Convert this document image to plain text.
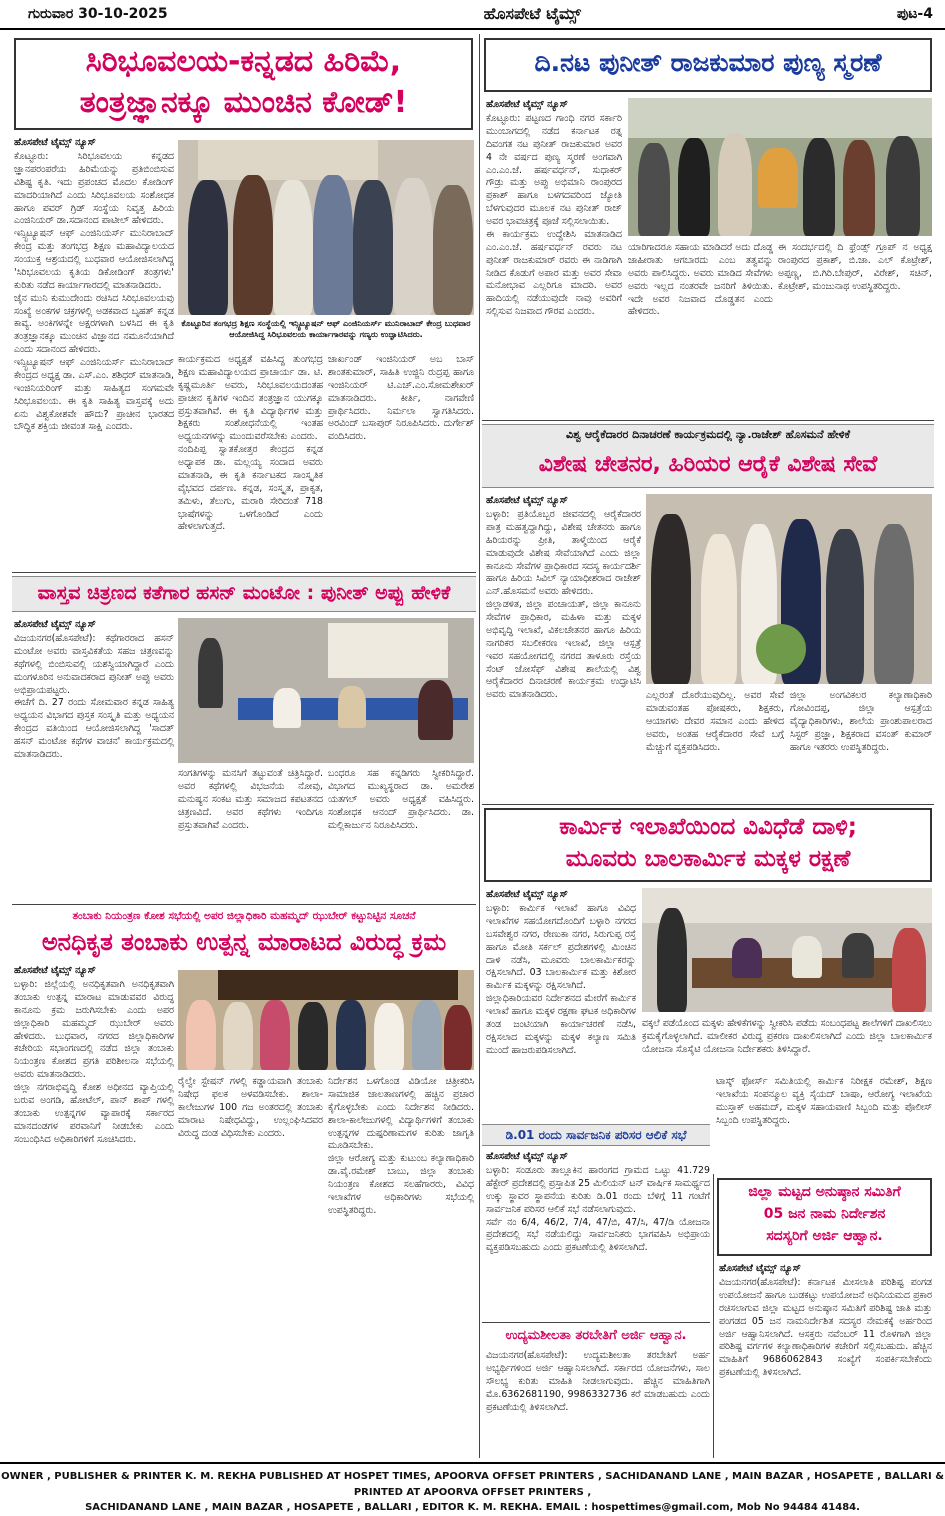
ಗುರುವಾರ 30-10-2025	ಹೊಸಪೇಟೆ ಟೈಮ್ಸ್	ಪುಟ-4
ಸಿರಿಭೂವಲಯ-ಕನ್ನಡದ ಹಿರಿಮೆ,
ತಂತ್ರಜ್ಞಾನಕ್ಕೂ ಮುಂಚಿನ ಕೋಡ್!
ಹೊಸಪೇಟೆ ಟೈಮ್ಸ್ ನ್ಯೂಸ್

ಕೊಟ್ಟೂರು: ಸಿರಿಭೂವಲಯ ಕನ್ನಡದ ಜ್ಞಾನಪರಂಪರೆಯ ಹಿರಿಮೆಯನ್ನು ಪ್ರತಿಬಿಂಬಿಸುವ ವಿಶಿಷ್ಟ ಕೃತಿ. ಇದು ಪ್ರಪಂಚದ ಮೊದಲ ಕೋಡಿಂಗ್ ಮಾದರಿಯಾಗಿದೆ ಎಂದು ಸಿರಿಭೂವಲಯ ಸಂಶೋಧಕ ಹಾಗೂ ಪವರ್ ಗ್ರಿಡ್ ಸಂಸ್ಥೆಯ ನಿವೃತ್ತ ಹಿರಿಯ ಎಂಜಿನಿಯರ್ ಡಾ.ಸದಾನಂದ ಪಾಟೀಲ್ ಹೇಳಿದರು.

ಇನ್ಸ್ಟಿಟ್ಯೂಷನ್ ಆಫ್ ಎಂಜಿನಿಯರ್ಸ್ ಮುನಿರಾಬಾದ್ ಕೇಂದ್ರ ಮತ್ತು ತಂಗಭದ್ರ ಶಿಕ್ಷಣ ಮಹಾವಿದ್ಯಾಲಯದ ಸಂಯುಕ್ತ ಆಶ್ರಯದಲ್ಲಿ ಬುಧವಾರ ಆಯೋಜಿಸಲಾಗಿದ್ದ 'ಸಿರಿಭೂವಲಯ ಕೃತಿಯ ಡಿಕೋಡಿಂಗ್ ತಂತ್ರಗಳು' ಕುರಿತು ನಡೆದ ಕಾರ್ಯಾಗಾರದಲ್ಲಿ ಮಾತನಾಡಿದರು.

ಜೈನ ಮುನಿ ಕುಮುದೇಂದು ರಚಿಸಿದ ಸಿರಿಭೂವಲಯವು ಸಂಖ್ಯೆ ಅಂಕಗಳ ಚಕ್ರಗಳಲ್ಲಿ ಅಡಕವಾದ ಬೃಹತ್ ಕನ್ನಡ ಕಾವ್ಯ. ಅಂಕಿಗಳನ್ನೇ ಅಕ್ಷರಗಳಾಗಿ ಬಳಸಿದ ಈ ಕೃತಿ ತಂತ್ರಜ್ಞಾನಕ್ಕೂ ಮುಂಚಿನ ವಿಜ್ಞಾನದ ನಮೂನೆಯಾಗಿದೆ ಎಂದು ಸದಾನಂದ ಹೇಳಿದರು.

ಇನ್ಸ್ಟಿಟ್ಯೂಷನ್ ಆಫ್ ಎಂಜಿನಿಯರ್ಸ್ ಮುನಿರಾಬಾದ್ ಕೇಂದ್ರದ ಅಧ್ಯಕ್ಷ ಡಾ. ಎಸ್.ಎಂ. ಶಶಿಧರ್ ಮಾತನಾಡಿ, ಇಂಜಿನಿಯರಿಂಗ್ ಮತ್ತು ಸಾಹಿತ್ಯದ ಸಂಗಮವೇ ಸಿರಿಭೂವಲಯ. ಈ ಕೃತಿ ಸಾಹಿತ್ಯ ವಾಸ್ತವಕ್ಕೆ ಅದು ಏನು ವಿಶ್ವಕೋಶವೇ ಹೌದು? ಪ್ರಾಚೀನ ಭಾರತದ ಬೌದ್ಧಿಕ ಶಕ್ತಿಯ ಜೀವಂತ ಸಾಕ್ಷಿ ಎಂದರು.

ಕೊಟ್ಟೂರಿನ ತಂಗಭದ್ರ ಶಿಕ್ಷಣ ಸಂಸ್ಥೆಯಲ್ಲಿ ಇನ್ಸ್ಟಿಟ್ಯೂಷನ್ ಆಫ್ ಎಂಜಿನಿಯರ್ಸ್ ಮುನಿರಾಬಾದ್ ಕೇಂದ್ರ ಬುಧವಾರ ಆಯೋಜಿಸಿದ್ದ ಸಿರಿಭೂವಲಯ ಕಾರ್ಯಾಗಾರವನ್ನು ಗಣ್ಯರು ಉದ್ಘಾಟಿಸಿದರು.

ಕಾರ್ಯಕ್ರಮದ ಅಧ್ಯಕ್ಷತೆ ವಹಿಸಿದ್ದ ತುಂಗಭದ್ರ ಶಿಕ್ಷಣ ಮಹಾವಿದ್ಯಾಲಯದ ಪ್ರಾಚಾರ್ಯ ಡಾ. ಟಿ. ಕೃಷ್ಣಮೂರ್ತಿ ಅವರು, ಸಿರಿಭೂವಲಯದಂತಹ ಪ್ರಾಚೀನ ಕೃತಿಗಳ ಇಂದಿನ ತಂತ್ರಜ್ಞಾನ ಯುಗಕ್ಕೂ ಪ್ರಸ್ತುತವಾಗಿವೆ. ಈ ಕೃತಿ ವಿದ್ಯಾರ್ಥಿಗಳ ಮತ್ತು ಶಿಕ್ಷಕರು ಸಂಶೋಧನೆಯಲ್ಲಿ ಇಂತಹ ಅಧ್ಯಯನಗಳನ್ನು ಮುಂದುವರೆಸಬೇಕು ಎಂದರು.

ನಂದಿಪಿಪ್ಪ ಸ್ವಾತಕೋತ್ತರ ಕೇಂದ್ರದ ಕನ್ನಡ ಅಧ್ಯಾಪಕ ಡಾ. ಮಲ್ಲಯ್ಯ ಸಂದಾದ ಅವರು ಮಾತನಾಡಿ, ಈ ಕೃತಿ ಕರ್ನಾಟಕದ ಸಾಂಸ್ಕೃತಿಕ ವೈಭವದ ದರ್ಪಣ. ಕನ್ನಡ, ಸಂಸ್ಕೃತ, ಪ್ರಾಕೃತ, ತಮಿಳು, ತೆಲುಗು, ಮರಾಠಿ ಸೇರಿದಂತೆ 718 ಭಾಷೆಗಳನ್ನು ಒಳಗೊಂಡಿದೆ ಎಂದು ಹೇಳಲಾಗುತ್ತದೆ.

ಜಾರ್ಖಂಡ್ ಇಂಜಿನಿಯರ್ ಅಬ ಬಾಸ್ ಶಾಂತಕುಮಾರ್, ಸಾಹಿತಿ ಉಜ್ಜಿನಿ ರುದ್ರಪ್ಪ ಹಾಗೂ ಇಂಜಿನಿಯರ್ ಟಿ.ಎಚ್.ಎಂ.ಸೋಮಶೇಖರ್ ಮಾತನಾಡಿದರು. ಕೀರ್ತಿ, ನಾಗವೇಣಿ ಪ್ರಾರ್ಥಿಸಿದರು. ನಿರ್ಮಲಾ ಸ್ವಾಗತಿಸಿದರು. ಅರವಿಂದ್ ಬಸಾಪುರ್ ನಿರೂಪಿಸಿದರು. ದುರ್ಗೇಶ್ ವಂದಿಸಿದರು.

ವಾಸ್ತವ ಚಿತ್ರಣದ ಕತೆಗಾರ ಹಸನ್ ಮಂಟೋ : ಪುನೀತ್ ಅಪ್ಪು ಹೇಳಿಕೆ
ಹೊಸಪೇಟೆ ಟೈಮ್ಸ್ ನ್ಯೂಸ್

ವಿಜಯನಗರ(ಹೊಸಪೇಟೆ): ಕಥೆಗಾರರಾದ ಹಸನ್ ಮಂಟೋ ಅವರು ವಾಸ್ತವಿಕತೆಯ ಸಹಜ ಚಿತ್ರಣವನ್ನು ಕಥೆಗಳಲ್ಲಿ ಬಿಂಬಿಸುವಲ್ಲಿ ಯಶಸ್ವಿಯಾಗಿದ್ದಾರೆ ಎಂದು ಮಂಗಳೂರಿನ ಅನುವಾದಕರಾದ ಪುನೀತ್ ಅಪ್ಪು ಅವರು ಅಭಿಪ್ರಾಯಪಟ್ಟರು.

ಈಚೆಗೆ ದಿ. 27 ರಂದು ಸೋಮವಾರ ಕನ್ನಡ ಸಾಹಿತ್ಯ ಅಧ್ಯಯನ ವಿಭಾಗದ ಪುಸ್ತಕ ಸಂಸ್ಕೃತಿ ಮತ್ತು ಅಧ್ಯಯನ ಕೇಂದ್ರದ ವತಿಯಿಂದ ಆಯೋಜಿಸಲಾಗಿದ್ದ 'ಸಾದತ್ ಹಸನ್ ಮಂಟೋ ಕಥೆಗಳ ವಾಚನ' ಕಾರ್ಯಕ್ರಮದಲ್ಲಿ ಮಾತನಾಡಿದರು.

ಸಂಗತಿಗಳನ್ನು ಮನಸಿಗೆ ತಟ್ಟುವಂತೆ ಚಿತ್ರಿಸಿದ್ದಾರೆ. ಅವರ ಕಥೆಗಳಲ್ಲಿ ವಿಭಜನೆಯ ನೋವು, ಮನುಷ್ಯನ ಸಂಕಟ ಮತ್ತು ಸಮಾಜದ ಕಪಟತನದ ಚಿತ್ರಣವಿದೆ. ಅವರ ಕಥೆಗಳು ಇಂದಿಗೂ ಪ್ರಸ್ತುತವಾಗಿವೆ ಎಂದರು.

ಬಂಧರೂ ಸಹ ಕನ್ನಡಿಗರು ಸ್ವೀಕರಿಸಿದ್ದಾರೆ. ವಿಭಾಗದ ಮುಖ್ಯಸ್ಥರಾದ ಡಾ. ಅಮರೇಶ ಯತಗಲ್ ಅವರು ಅಧ್ಯಕ್ಷತೆ ವಹಿಸಿದ್ದರು. ಸಂಶೋಧಕ ಆನಂದ್ ಪ್ರಾರ್ಥಿಸಿದರು. ಡಾ. ಮಲ್ಲಿಕಾರ್ಜುನ ನಿರೂಪಿಸಿದರು.

ತಂಬಾಕು ನಿಯಂತ್ರಣ ಕೋಶ ಸಭೆಯಲ್ಲಿ ಅಪರ ಜಿಲ್ಲಾಧಿಕಾರಿ ಮಹಮ್ಮದ್ ಝುಬೇರ್ ಕಟ್ಟುನಿಟ್ಟಿನ ಸೂಚನೆ
ಅನಧಿಕೃತ ತಂಬಾಕು ಉತ್ಪನ್ನ ಮಾರಾಟದ ವಿರುದ್ಧ ಕ್ರಮ
ಹೊಸಪೇಟೆ ಟೈಮ್ಸ್ ನ್ಯೂಸ್

ಬಳ್ಳಾರಿ: ಜಿಲ್ಲೆಯಲ್ಲಿ ಅನಧಿಕೃತವಾಗಿ ಅನಧಿಕೃತವಾಗಿ ತಂಬಾಕು ಉತ್ಪನ್ನ ಮಾರಾಟ ಮಾಡುವವರ ವಿರುದ್ಧ ಕಾನೂನು ಕ್ರಮ ಜರುಗಿಸಬೇಕು ಎಂದು ಅಪರ ಜಿಲ್ಲಾಧಿಕಾರಿ ಮಹಮ್ಮದ್ ಝುಬೇರ್ ಅವರು ಹೇಳಿದರು. ಬುಧವಾರ, ನಗರದ ಜಿಲ್ಲಾಧಿಕಾರಿಗಳ ಕಚೇರಿಯ ಸಭಾಂಗಣದಲ್ಲಿ ನಡೆದ ಜಿಲ್ಲಾ ತಂಬಾಕು ನಿಯಂತ್ರಣ ಕೋಶದ ಪ್ರಗತಿ ಪರಿಶೀಲನಾ ಸಭೆಯಲ್ಲಿ ಅವರು ಮಾತನಾಡಿದರು.

ಜಿಲ್ಲಾ ನಗರಾಭಿವೃದ್ಧಿ ಕೋಶ ಅಧೀನದ ವ್ಯಾಪ್ತಿಯಲ್ಲಿ ಬರುವ ಅಂಗಡಿ, ಹೋಟೆಲ್, ಪಾನ್ ಶಾಪ್ ಗಳಲ್ಲಿ ತಂಬಾಕು ಉತ್ಪನ್ನಗಳ ವ್ಯಾಪಾರಕ್ಕೆ ಸರ್ಕಾರದ ಮಾನದಂಡಗಳ ಪರವಾನಿಗೆ ನೀಡಬೇಕು ಎಂದು ಸಂಬಂಧಿಸಿದ ಅಧಿಕಾರಿಗಳಿಗೆ ಸೂಚಿಸಿದರು.

ರೈಲ್ವೇ ಸ್ಟೇಷನ್ ಗಳಲ್ಲಿ ಕಡ್ಡಾಯವಾಗಿ ತಂಬಾಕು ನಿಷೇಧ ಫಲಕ ಅಳವಡಿಸಬೇಕು. ಶಾಲಾ-ಕಾಲೇಜುಗಳ 100 ಗಜ ಅಂತರದಲ್ಲಿ ತಂಬಾಕು ಮಾರಾಟ ನಿಷೇಧವಿದ್ದು, ಉಲ್ಲಂಘಿಸಿದವರ ವಿರುದ್ಧ ದಂಡ ವಿಧಿಸಬೇಕು ಎಂದರು.

ನಿರ್ದೇಶನ ಒಳಗೊಂಡ ವಿಡಿಯೋ ಚಿತ್ರೀಕರಿಸಿ ಸಾಮಾಜಿಕ ಜಾಲತಾಣಗಳಲ್ಲಿ ಹಚ್ಚಿನ ಪ್ರಚಾರ ಕೈಗೊಳ್ಳಬೇಕು ಎಂದು ನಿರ್ದೇಶನ ನೀಡಿದರು. ಶಾಲಾ-ಕಾಲೇಜುಗಳಲ್ಲಿ ವಿದ್ಯಾರ್ಥಿಗಳಿಗೆ ತಂಬಾಕು ಉತ್ಪನ್ನಗಳ ದುಷ್ಪರಿಣಾಮಗಳ ಕುರಿತು ಜಾಗೃತಿ ಮೂಡಿಸಬೇಕು.

ಜಿಲ್ಲಾ ಆರೋಗ್ಯ ಮತ್ತು ಕುಟುಂಬ ಕಲ್ಯಾಣಾಧಿಕಾರಿ ಡಾ.ವೈ.ರಮೇಶ್ ಬಾಬು, ಜಿಲ್ಲಾ ತಂಬಾಕು ನಿಯಂತ್ರಣ ಕೋಶದ ಸಲಹೆಗಾರರು, ವಿವಿಧ ಇಲಾಖೆಗಳ ಅಧಿಕಾರಿಗಳು ಸಭೆಯಲ್ಲಿ ಉಪಸ್ಥಿತರಿದ್ದರು.

ದಿ.ನಟ ಪುನೀತ್ ರಾಜಕುಮಾರ ಪುಣ್ಯ ಸ್ಮರಣೆ
ಹೊಸಪೇಟೆ ಟೈಮ್ಸ್ ನ್ಯೂಸ್

ಕೊಟ್ಟೂರು: ಪಟ್ಟಣದ ಗಾಂಧಿ ನಗರ ಸರ್ಕಾರಿ ಮುಂಬಾಗದಲ್ಲಿ ನಡೆದ ಕರ್ನಾಟಕ ರತ್ನ ದಿವಂಗತ ನಟ ಪುನೀತ್ ರಾಜಕುಮಾರ ಅವರ 4 ನೇ ವರ್ಷದ ಪುಣ್ಯ ಸ್ಮರಣೆ ಅಂಗವಾಗಿ ಎಂ.ಎಂ.ಜೆ. ಹರ್ಷವರ್ಧನ್, ಸುಧಾಕರ್ ಗೌಡ್ರು ಮತ್ತು ಅಪ್ಪು ಅಭಿಮಾನಿ ರಾಂಪುರದ ಪ್ರಕಾಶ್ ಹಾಗೂ ಬಳಗದವರಿಂದ ಜ್ಯೋತಿ ಬೆಳಗುವುದರ ಮೂಲಕ ನಟ ಪುನೀತ್ ರಾಜ್ ಅವರ ಭಾವಚಿತ್ರಕ್ಕೆ ಪೂಜೆ ಸಲ್ಲಿಸಲಾಯಿತು.

ಈ ಕಾರ್ಯಕ್ರಮ ಉದ್ದೇಶಿಸಿ ಮಾತನಾಡಿದ ಎಂ.ಎಂ.ಜೆ. ಹರ್ಷವರ್ಧನ್ ರವರು ನಟ ಪುನೀತ್ ರಾಜಕುಮಾರ್ ರವರು ಈ ನಾಡಿಗಾಗಿ ನೀಡಿದ ಕೊಡುಗೆ ಅಪಾರ ಮತ್ತು ಅವರ ಸೇವಾ ಮನೋಭಾವ ಎಲ್ಲರಿಗೂ ಮಾದರಿ. ಅವರ ಹಾದಿಯಲ್ಲಿ ನಡೆಯುವುದೇ ನಾವು ಅವರಿಗೆ ಸಲ್ಲಿಸುವ ನಿಜವಾದ ಗೌರವ ಎಂದರು.

ಯಾರಿಗಾದರೂ ಸಹಾಯ ಮಾಡಿದರೆ ಅದು ದೊಡ್ಡ ಜಾಹೀರಾತು ಆಗಬಾರದು ಎಂಬ ತತ್ವವನ್ನು ಅವರು ಪಾಲಿಸಿದ್ದರು. ಅವರು ಮಾಡಿದ ಸೇವೆಗಳು ಅವರು ಇಲ್ಲದ ನಂತರವೇ ಜನರಿಗೆ ತಿಳಿಯಿತು. ಇದೇ ಅವರ ನಿಜವಾದ ದೊಡ್ಡತನ ಎಂದು ಹೇಳಿದರು.

ಈ ಸಂದರ್ಭದಲ್ಲಿ ದಿ ಫ್ರೆಂಡ್ಸ್ ಗ್ರೂಪ್ ನ ಅಧ್ಯಕ್ಷ ರಾಂಪುರದ ಪ್ರಕಾಶ್, ಬಿ.ಜಾ. ಎಲ್ ಕೊಟ್ರೇಶ್, ಅಪ್ಪಣ್ಣ, ಬಿ.ಗಿರಿ.ಬೇಪುರ್, ವಿರೇಶ್, ಸಚಿನ್, ಕೊಟ್ರೇಶ್, ಮಂಜುನಾಥ ಉಪಸ್ಥಿತರಿದ್ದರು.

ವಿಶ್ವ ಆರೈಕೆದಾರರ ದಿನಾಚರಣೆ ಕಾರ್ಯಕ್ರಮದಲ್ಲಿ ನ್ಯಾ.ರಾಜೇಶ್ ಹೊಸಮನೆ ಹೇಳಿಕೆ
ವಿಶೇಷ ಚೇತನರ, ಹಿರಿಯರ ಆರೈಕೆ ವಿಶೇಷ ಸೇವೆ
ಹೊಸಪೇಟೆ ಟೈಮ್ಸ್ ನ್ಯೂಸ್

ಬಳ್ಳಾರಿ: ಪ್ರತಿಯೊಬ್ಬರ ಜೀವನದಲ್ಲಿ ಆರೈಕೆದಾರರ ಪಾತ್ರ ಮಹತ್ವದ್ದಾಗಿದ್ದು, ವಿಶೇಷ ಚೇತನರು ಹಾಗೂ ಹಿರಿಯರನ್ನು ಪ್ರೀತಿ, ತಾಳ್ಮೆಯಿಂದ ಆರೈಕೆ ಮಾಡುವುದೇ ವಿಶೇಷ ಸೇವೆಯಾಗಿದೆ ಎಂದು ಜಿಲ್ಲಾ ಕಾನೂನು ಸೇವೆಗಳ ಪ್ರಾಧಿಕಾರದ ಸದಸ್ಯ ಕಾರ್ಯದರ್ಶಿ ಹಾಗೂ ಹಿರಿಯ ಸಿವಿಲ್ ನ್ಯಾಯಾಧೀಶರಾದ ರಾಜೇಶ್ ಎನ್.ಹೊಸಮನೆ ಅವರು ಹೇಳಿದರು.

ಜಿಲ್ಲಾಡಳಿತ, ಜಿಲ್ಲಾ ಪಂಚಾಯತ್, ಜಿಲ್ಲಾ ಕಾನೂನು ಸೇವೆಗಳ ಪ್ರಾಧಿಕಾರ, ಮಹಿಳಾ ಮತ್ತು ಮಕ್ಕಳ ಅಭಿವೃದ್ಧಿ ಇಲಾಖೆ, ವಿಕಲಚೇತನರ ಹಾಗೂ ಹಿರಿಯ ನಾಗರಿಕರ ಸಬಲೀಕರಣ ಇಲಾಖೆ, ಜಿಲ್ಲಾ ಆಸ್ಪತ್ರೆ ಇವರ ಸಹಯೋಗದಲ್ಲಿ ನಗರದ ತಾಳೂರು ರಸ್ತೆಯ ಸೆಂಟ್ ಜೋಸೆಫ್ ವಿಶೇಷ ಶಾಲೆಯಲ್ಲಿ ವಿಶ್ವ ಆರೈಕೆದಾರರ ದಿನಾಚರಣೆ ಕಾರ್ಯಕ್ರಮ ಉದ್ಘಾಟಿಸಿ ಅವರು ಮಾತನಾಡಿದರು.	ಎಲ್ಲರಂತೆ ದೊರೆಯುವುದಿಲ್ಲ. ಅವರ ಸೇವೆ ಮಾಡುವಂತಹ ಪೋಷಕರು, ಶಿಕ್ಷಕರು, ಆಯಾಗಳು ದೇವರ ಸಮಾನ ಎಂದು ಹೇಳಿದ ಅವರು, ಅಂತಹ ಆರೈಕೆದಾರರ ಸೇವೆ ಬಗ್ಗೆ ಮೆಚ್ಚುಗೆ ವ್ಯಕ್ತಪಡಿಸಿದರು.

ಜಿಲ್ಲಾ ಅಂಗವಿಕಲರ ಕಲ್ಯಾಣಾಧಿಕಾರಿ ಗೋವಿಂದಪ್ಪ, ಜಿಲ್ಲಾ ಆಸ್ಪತ್ರೆಯ ವೈದ್ಯಾಧಿಕಾರಿಗಳು, ಶಾಲೆಯ ಪ್ರಾಂಶುಪಾಲರಾದ ಸಿಸ್ಟರ್ ಪ್ರಜ್ಞಾ, ಶಿಕ್ಷಕರಾದ ವಸಂತ್ ಕುಮಾರ್ ಹಾಗೂ ಇತರರು ಉಪಸ್ಥಿತರಿದ್ದರು.

ಕಾರ್ಮಿಕ ಇಲಾಖೆಯಿಂದ ವಿವಿಧೆಡೆ ದಾಳಿ;
ಮೂವರು ಬಾಲಕಾರ್ಮಿಕ ಮಕ್ಕಳ ರಕ್ಷಣೆ
ಹೊಸಪೇಟೆ ಟೈಮ್ಸ್ ನ್ಯೂಸ್

ಬಳ್ಳಾರಿ: ಕಾರ್ಮಿಕ ಇಲಾಖೆ ಹಾಗೂ ವಿವಿಧ ಇಲಾಖೆಗಳ ಸಹಯೋಗದೊಂದಿಗೆ ಬಳ್ಳಾರಿ ನಗರದ ಬಸವೇಶ್ವರ ನಗರ, ರೇಣುಕಾ ನಗರ, ಸಿರುಗುಪ್ಪ ರಸ್ತೆ ಹಾಗೂ ಮೋತಿ ಸರ್ಕಲ್ ಪ್ರದೇಶಗಳಲ್ಲಿ ಮಿಂಚಿನ ದಾಳಿ ನಡೆಸಿ, ಮೂವರು ಬಾಲಕಾರ್ಮಿಕರನ್ನು ರಕ್ಷಿಸಲಾಗಿದೆ. 03 ಬಾಲಕಾರ್ಮಿಕ ಮತ್ತು ಕಿಶೋರ ಕಾರ್ಮಿಕ ಮಕ್ಕಳನ್ನು ರಕ್ಷಿಸಲಾಗಿದೆ.

ಜಿಲ್ಲಾಧಿಕಾರಿಯವರ ನಿರ್ದೇಶನದ ಮೇರೆಗೆ ಕಾರ್ಮಿಕ ಇಲಾಖೆ ಹಾಗೂ ಮಕ್ಕಳ ರಕ್ಷಣಾ ಘಟಕ ಅಧಿಕಾರಿಗಳ ತಂಡ ಜಂಟಿಯಾಗಿ ಕಾರ್ಯಾಚರಣೆ ನಡೆಸಿ, ರಕ್ಷಿಸಲಾದ ಮಕ್ಕಳನ್ನು ಮಕ್ಕಳ ಕಲ್ಯಾಣ ಸಮಿತಿ ಮುಂದೆ ಹಾಜರುಪಡಿಸಲಾಗಿದೆ.

ವಕ್ಕಲೆ ಪಡೆಯೊಂದ ಮಕ್ಕಳು ಹೇಳಿಕೆಗಳನ್ನು ಸ್ವೀಕರಿಸಿ ಪಡೆದು ಸಂಬಂಧಪಟ್ಟ ಶಾಲೆಗಳಿಗೆ ದಾಖಲಿಸಲು ಕ್ರಮಕೈಗೊಳ್ಳಲಾಗಿದೆ. ಮಾಲೀಕರ ವಿರುದ್ಧ ಪ್ರಕರಣ ದಾಖಲಿಸಲಾಗಿದೆ ಎಂದು ಜಿಲ್ಲಾ ಬಾಲಕಾರ್ಮಿಕ ಯೋಜನಾ ಸೊಸೈಟಿ ಯೋಜನಾ ನಿರ್ದೇಶಕರು ತಿಳಿಸಿದ್ದಾರೆ.

ಟಾಸ್ಕ್ ಫೋರ್ಸ್ ಸಮಿತಿಯಲ್ಲಿ ಕಾರ್ಮಿಕ ನಿರೀಕ್ಷಕ ರಮೇಶ್, ಶಿಕ್ಷಣ ಇಲಾಖೆಯ ಸಂಪನ್ಮೂಲ ವ್ಯಕ್ತಿ ಸೈಯದ್ ಬಾಷಾ, ಆರೋಗ್ಯ ಇಲಾಖೆಯ ಮುಸ್ತಾಕ್ ಅಹಮದ್, ಮಕ್ಕಳ ಸಹಾಯವಾಣಿ ಸಿಬ್ಬಂದಿ ಮತ್ತು ಪೊಲೀಸ್ ಸಿಬ್ಬಂದಿ ಉಪಸ್ಥಿತರಿದ್ದರು.

ಡಿ.01 ರಂದು ಸಾರ್ವಜನಿಕ ಪರಿಸರ ಆಲಿಕೆ ಸಭೆ
ಹೊಸಪೇಟೆ ಟೈಮ್ಸ್ ನ್ಯೂಸ್

ಬಳ್ಳಾರಿ: ಸಂಡೂರು ತಾಲ್ಲೂಕಿನ ಹಾರಂಗದ ಗ್ರಾಮದ ಒಟ್ಟು 41.729 ಹೆಕ್ಟೇರ್ ಪ್ರದೇಶದಲ್ಲಿ ಪ್ರಸ್ತಾಪಿತ 25 ಮಿಲಿಯನ್ ಟನ್ ವಾರ್ಷಿಕ ಸಾಮರ್ಥ್ಯದ ಉಕ್ಕು ಸ್ಥಾವರ ಸ್ಥಾಪನೆಯ ಕುರಿತು ಡಿ.01 ರಂದು ಬೆಳಿಗ್ಗೆ 11 ಗಂಟೆಗೆ ಸಾರ್ವಜನಿಕ ಪರಿಸರ ಆಲಿಕೆ ಸಭೆ ನಡೆಸಲಾಗುವುದು.

ಸರ್ವೆ ನಂ 6/4, 46/2, 7/4, 47/ಬಿ, 47/ಸಿ, 47/ಡಿ ಯೋಜನಾ ಪ್ರದೇಶದಲ್ಲಿ ಸಭೆ ನಡೆಯಲಿದ್ದು ಸಾರ್ವಜನಿಕರು ಭಾಗವಹಿಸಿ ಅಭಿಪ್ರಾಯ ವ್ಯಕ್ತಪಡಿಸಬಹುದು ಎಂದು ಪ್ರಕಟಣೆಯಲ್ಲಿ ತಿಳಿಸಲಾಗಿದೆ.

ಉದ್ಯಮಶೀಲತಾ ತರಬೇತಿಗೆ ಅರ್ಜಿ ಆಹ್ವಾನ.
ವಿಜಯನಗರ(ಹೊಸಪೇಟೆ): ಉದ್ಯಮಶೀಲತಾ ತರಬೇತಿಗೆ ಅರ್ಹ ಅಭ್ಯರ್ಥಿಗಳಿಂದ ಅರ್ಜಿ ಆಹ್ವಾನಿಸಲಾಗಿದೆ. ಸರ್ಕಾರದ ಯೋಜನೆಗಳು, ಸಾಲ ಸೌಲಭ್ಯ ಕುರಿತು ಮಾಹಿತಿ ನೀಡಲಾಗುವುದು. ಹೆಚ್ಚಿನ ಮಾಹಿತಿಗಾಗಿ ಮೊ.6362681190, 9986332736 ಕರೆ ಮಾಡಬಹುದು ಎಂದು ಪ್ರಕಟಣೆಯಲ್ಲಿ ತಿಳಿಸಲಾಗಿದೆ.
ಜಿಲ್ಲಾ ಮಟ್ಟದ ಅನುಷ್ಠಾನ ಸಮಿತಿಗೆ
05 ಜನ ನಾಮ ನಿರ್ದೇಶನ
ಸದಸ್ಯರಿಗೆ ಅರ್ಜಿ ಆಹ್ವಾನ.
ಹೊಸಪೇಟೆ ಟೈಮ್ಸ್ ನ್ಯೂಸ್

ವಿಜಯನಗರ(ಹೊಸಪೇಟೆ): ಕರ್ನಾಟಕ ಮೀಸಲಾತಿ ಪರಿಶಿಷ್ಟ ಪಂಗಡ ಉಪಯೋಜನೆ ಹಾಗೂ ಬುಡಕಟ್ಟು ಉಪಯೋಜನೆ ಅಧಿನಿಯಮದ ಪ್ರಕಾರ ರಚಿಸಲಾಗುವ ಜಿಲ್ಲಾ ಮಟ್ಟದ ಅನುಷ್ಠಾನ ಸಮಿತಿಗೆ ಪರಿಶಿಷ್ಟ ಜಾತಿ ಮತ್ತು ಪಂಗಡದ 05 ಜನ ನಾಮನಿರ್ದೇಶಿತ ಸದಸ್ಯರ ನೇಮಕಕ್ಕೆ ಅರ್ಹರಿಂದ ಅರ್ಜಿ ಆಹ್ವಾನಿಸಲಾಗಿದೆ. ಆಸಕ್ತರು ನವೆಂಬರ್ 11 ರೊಳಗಾಗಿ ಜಿಲ್ಲಾ ಪರಿಶಿಷ್ಟ ವರ್ಗಗಳ ಕಲ್ಯಾಣಾಧಿಕಾರಿಗಳ ಕಚೇರಿಗೆ ಸಲ್ಲಿಸಬಹುದು. ಹೆಚ್ಚಿನ ಮಾಹಿತಿಗೆ 9686062843 ಸಂಖ್ಯೆಗೆ ಸಂಪರ್ಕಿಸಬೇಕೆಂದು ಪ್ರಕಟಣೆಯಲ್ಲಿ ತಿಳಿಸಲಾಗಿದೆ.

OWNER , PUBLISHER & PRINTER K. M. REKHA PUBLISHED AT HOSPET TIMES, APOORVA OFFSET PRINTERS , SACHIDANAND LANE , MAIN BAZAR , HOSAPETE , BALLARI & PRINTED AT APOORVA OFFSET PRINTERS ,
SACHIDANAND LANE , MAIN BAZAR , HOSAPETE , BALLARI , EDITOR K. M. REKHA. EMAIL : hospettimes@gmail.com, Mob No 94484 41484.
